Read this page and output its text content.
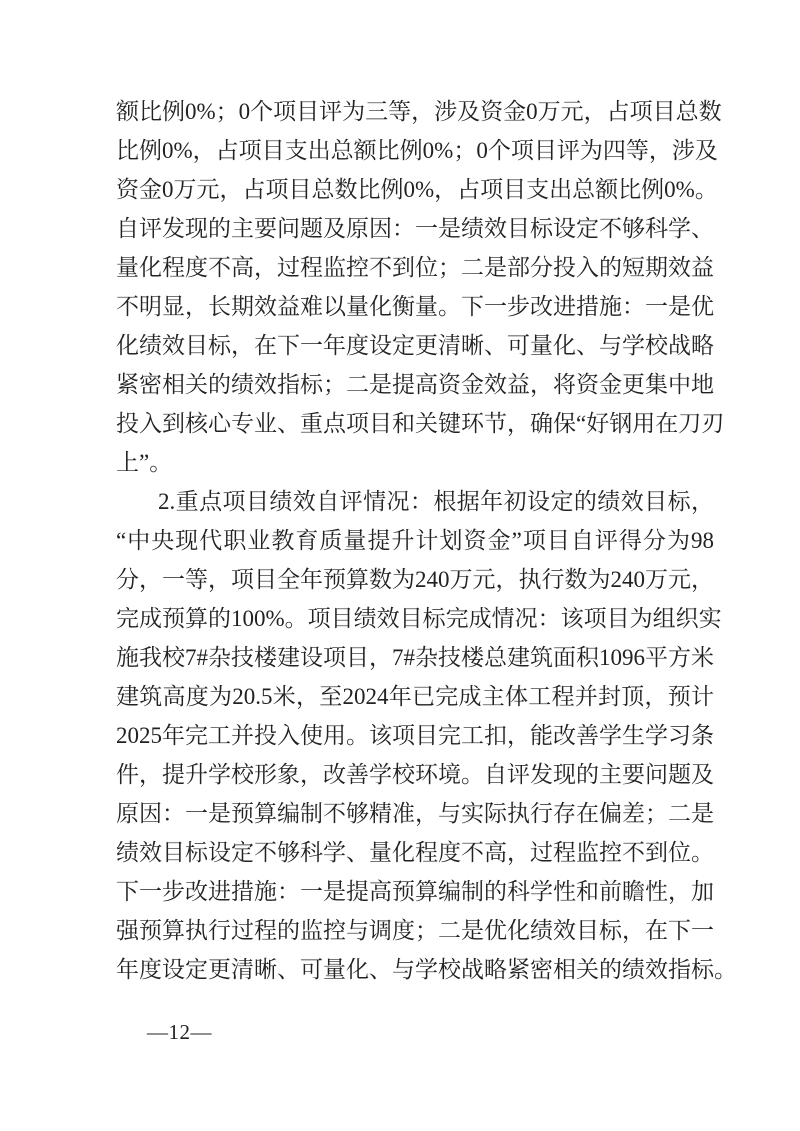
额比例0%；0个项目评为三等，涉及资金0万元，占项目总数
比例0%，占项目支出总额比例0%；0个项目评为四等，涉及
资金0万元，占项目总数比例0%，占项目支出总额比例0%。
自评发现的主要问题及原因：一是绩效目标设定不够科学、
量化程度不高，过程监控不到位；二是部分投入的短期效益
不明显，长期效益难以量化衡量。下一步改进措施：一是优
化绩效目标，在下一年度设定更清晰、可量化、与学校战略
紧密相关的绩效指标；二是提高资金效益，将资金更集中地
投入到核心专业、重点项目和关键环节，确保“好钢用在刀刃
上”。
2.重点项目绩效自评情况：根据年初设定的绩效目标，
“中央现代职业教育质量提升计划资金”项目自评得分为98
分，一等，项目全年预算数为240万元，执行数为240万元，
完成预算的100%。项目绩效目标完成情况：该项目为组织实
施我校7#杂技楼建设项目，7#杂技楼总建筑面积1096平方米
建筑高度为20.5米，至2024年已完成主体工程并封顶，预计
2025年完工并投入使用。该项目完工扣，能改善学生学习条
件，提升学校形象，改善学校环境。自评发现的主要问题及
原因：一是预算编制不够精准，与实际执行存在偏差；二是
绩效目标设定不够科学、量化程度不高，过程监控不到位。
下一步改进措施：一是提高预算编制的科学性和前瞻性，加
强预算执行过程的监控与调度；二是优化绩效目标，在下一
年度设定更清晰、可量化、与学校战略紧密相关的绩效指标。
—12—
